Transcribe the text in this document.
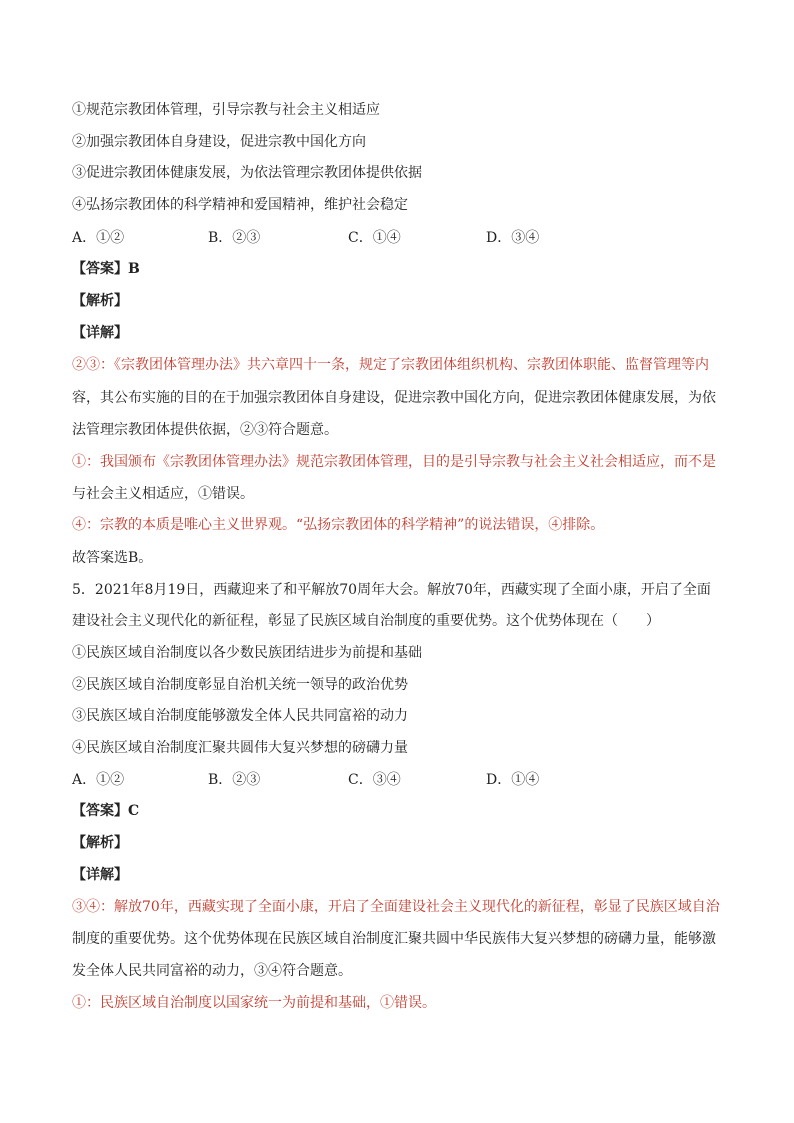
①规范宗教团体管理，引导宗教与社会主义相适应
②加强宗教团体自身建设，促进宗教中国化方向
③促进宗教团体健康发展，为依法管理宗教团体提供依据
④弘扬宗教团体的科学精神和爱国精神，维护社会稳定
A．①②	B．②③	C．①④	D．③④
【答案】B
【解析】
【详解】
②③：《宗教团体管理办法》共六章四十一条，规定了宗教团体组织机构、宗教团体职能、监督管理等内
容，其公布实施的目的在于加强宗教团体自身建设，促进宗教中国化方向，促进宗教团体健康发展，为依
法管理宗教团体提供依据，②③符合题意。
①：我国颁布《宗教团体管理办法》规范宗教团体管理，目的是引导宗教与社会主义社会相适应，而不是
与社会主义相适应，①错误。
④：宗教的本质是唯心主义世界观。“弘扬宗教团体的科学精神”的说法错误，④排除。
故答案选B。
5．2021年8月19日，西藏迎来了和平解放70周年大会。解放70年，西藏实现了全面小康，开启了全面
建设社会主义现代化的新征程，彰显了民族区域自治制度的重要优势。这个优势体现在（　　）
①民族区域自治制度以各少数民族团结进步为前提和基础
②民族区域自治制度彰显自治机关统一领导的政治优势
③民族区域自治制度能够激发全体人民共同富裕的动力
④民族区域自治制度汇聚共圆伟大复兴梦想的磅礴力量
A．①②	B．②③	C．③④	D．①④
【答案】C
【解析】
【详解】
③④：解放70年，西藏实现了全面小康，开启了全面建设社会主义现代化的新征程，彰显了民族区域自治
制度的重要优势。这个优势体现在民族区域自治制度汇聚共圆中华民族伟大复兴梦想的磅礴力量，能够激
发全体人民共同富裕的动力，③④符合题意。
①：民族区域自治制度以国家统一为前提和基础，①错误。
